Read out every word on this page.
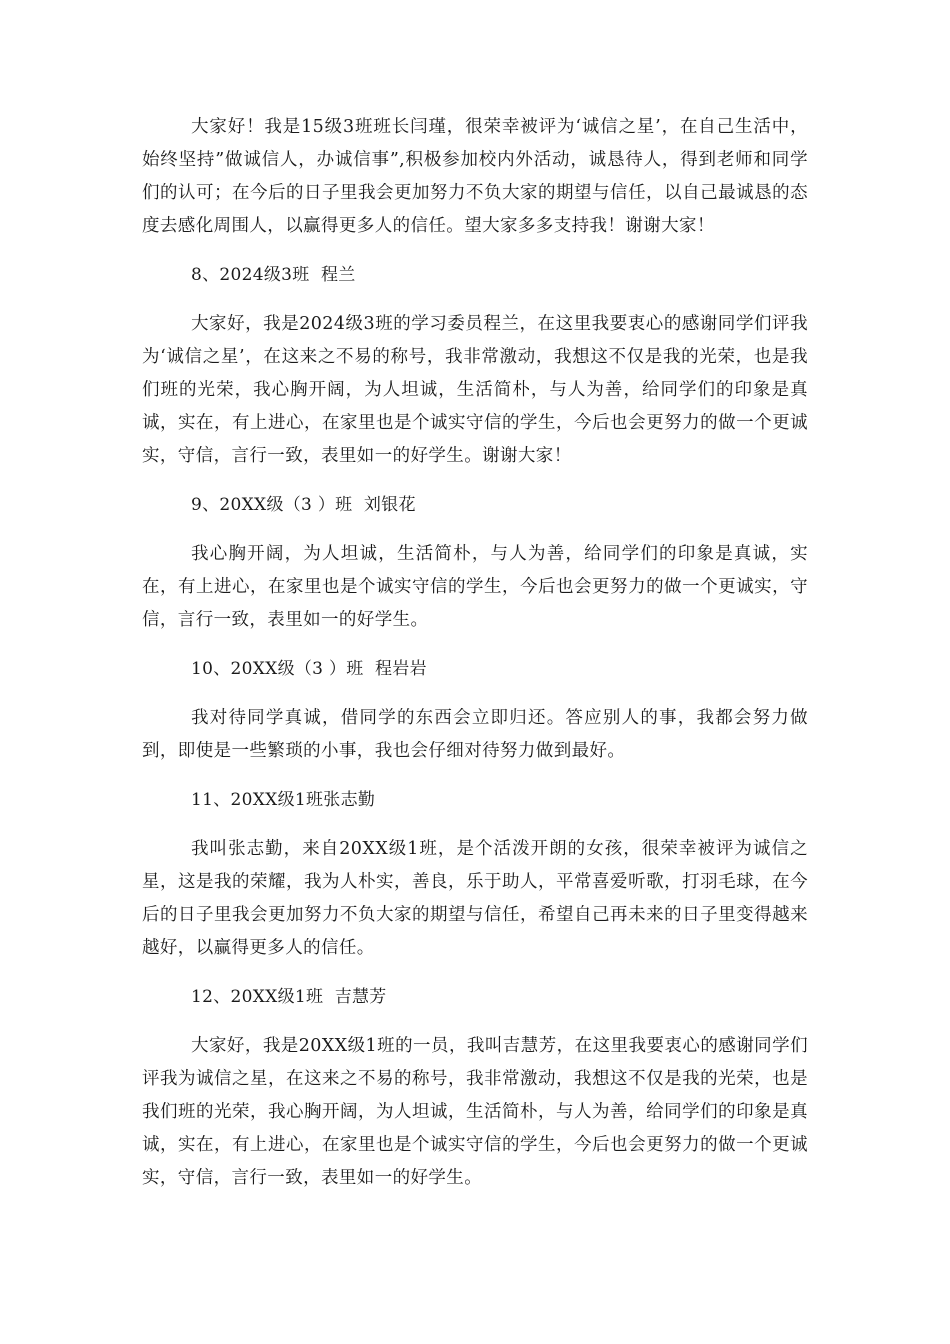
大家好！我是15级3班班长闫瑾，很荣幸被评为‘诚信之星’，在自己生活中，始终坚持”做诚信人，办诚信事”,积极参加校内外活动，诚恳待人，得到老师和同学们的认可；在今后的日子里我会更加努力不负大家的期望与信任，以自己最诚恳的态度去感化周围人，以赢得更多人的信任。望大家多多支持我！谢谢大家！

8、2024级3班  程兰

大家好，我是2024级3班的学习委员程兰，在这里我要衷心的感谢同学们评我为‘诚信之星’，在这来之不易的称号，我非常激动，我想这不仅是我的光荣，也是我们班的光荣，我心胸开阔，为人坦诚，生活简朴，与人为善，给同学们的印象是真诚，实在，有上进心，在家里也是个诚实守信的学生，今后也会更努力的做一个更诚实，守信，言行一致，表里如一的好学生。谢谢大家！

9、20XX级（3 ）班  刘银花

我心胸开阔，为人坦诚，生活简朴，与人为善，给同学们的印象是真诚，实在，有上进心，在家里也是个诚实守信的学生，今后也会更努力的做一个更诚实，守信，言行一致，表里如一的好学生。

10、20XX级（3 ）班  程岩岩

我对待同学真诚，借同学的东西会立即归还。答应别人的事，我都会努力做到，即使是一些繁琐的小事，我也会仔细对待努力做到最好。

11、20XX级1班张志勤

我叫张志勤，来自20XX级1班，是个活泼开朗的女孩，很荣幸被评为诚信之星，这是我的荣耀，我为人朴实，善良，乐于助人，平常喜爱听歌，打羽毛球，在今后的日子里我会更加努力不负大家的期望与信任，希望自己再未来的日子里变得越来越好，以赢得更多人的信任。

12、20XX级1班  吉慧芳

大家好，我是20XX级1班的一员，我叫吉慧芳，在这里我要衷心的感谢同学们评我为诚信之星，在这来之不易的称号，我非常激动，我想这不仅是我的光荣，也是我们班的光荣，我心胸开阔，为人坦诚，生活简朴，与人为善，给同学们的印象是真诚，实在，有上进心，在家里也是个诚实守信的学生，今后也会更努力的做一个更诚实，守信，言行一致，表里如一的好学生。
